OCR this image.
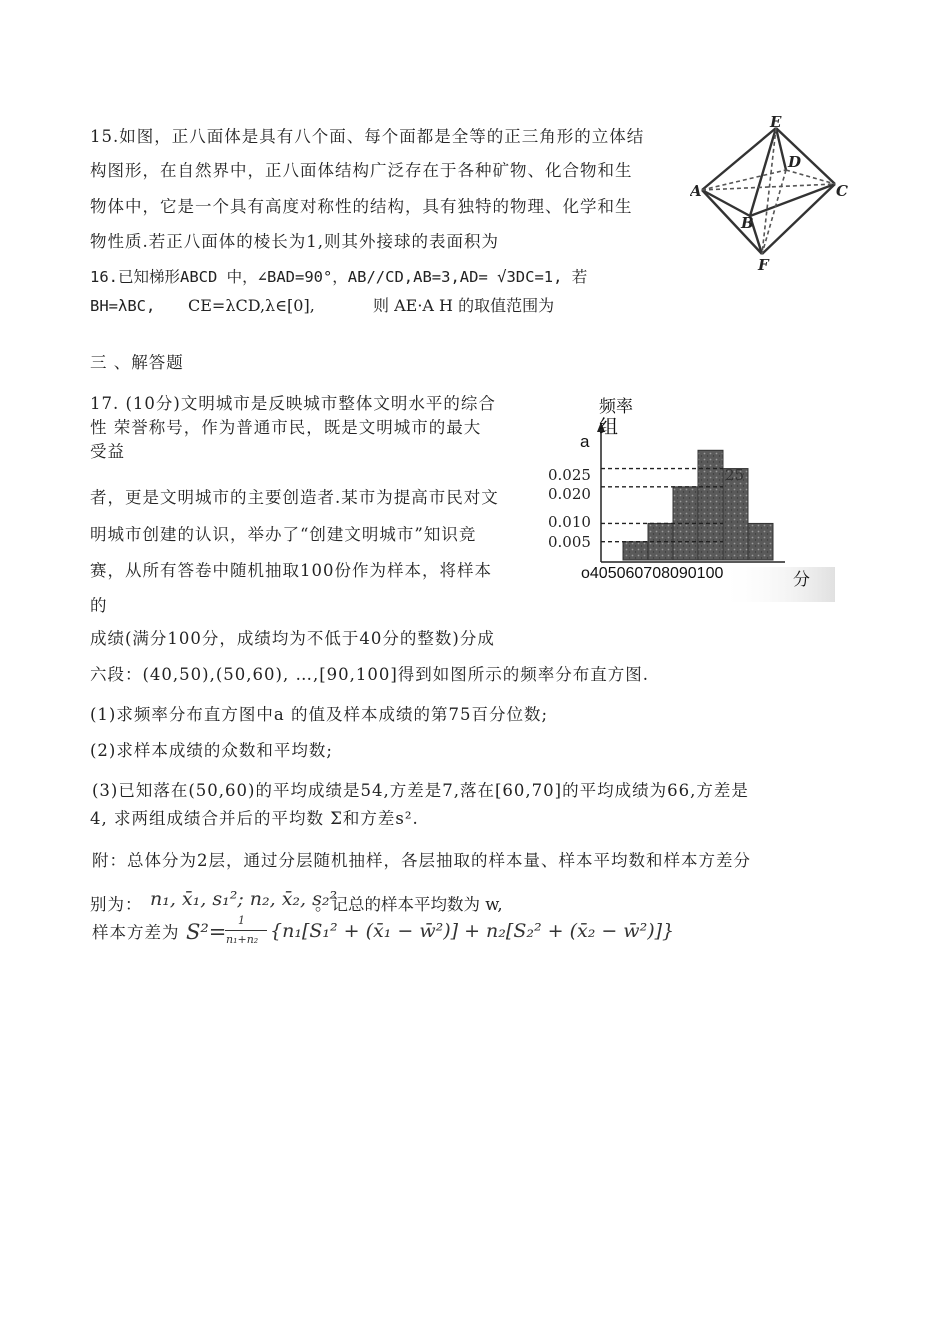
15.如图，正八面体是具有八个面、每个面都是全等的正三角形的立体结
构图形，在自然界中，正八面体结构广泛存在于各种矿物、化合物和生
物体中，它是一个具有高度对称性的结构，具有独特的物理、化学和生
物性质.若正八面体的棱长为1,则其外接球的表面积为
E
D
A	C
B
F
16.已知梯形ABCD 中，∠BAD=90°，AB//CD,AB=3,AD= √3DC=1, 若
BH=λBC, CE=λCD,λ∈[0],	则 AE·A H 的取值范围为
三 、解答题
17. (10分)文明城市是反映城市整体文明水平的综合
性 荣誉称号，作为普通市民，既是文明城市的最大
受益
者，更是文明城市的主要创造者.某市为提高市民对文
明城市创建的认识，举办了“创建文明城市”知识竞
赛，从所有答卷中随机抽取100份作为样本，将样本
的
成绩(满分100分，成绩均为不低于40分的整数)分成
六段：(40,50),(50,60), …,[90,100]得到如图所示的频率分布直方图.
(1)求频率分布直方图中a 的值及样本成绩的第75百分位数;
(2)求样本成绩的众数和平均数;
(3)已知落在(50,60)的平均成绩是54,方差是7,落在[60,70]的平均成绩为66,方差是
4, 求两组成绩合并后的平均数 Σ和方差s².
附：总体分为2层，通过分层随机抽样，各层抽取的样本量、样本平均数和样本方差分
别为： n₁, x̄₁, s₁²; n₂, x̄₂, s₂²
。记总的样本平均数为 w,
样本方差为 S²= 1
n₁+n₂ {n₁[S₁² + (x̄₁ − w̄²)] + n₂[S₂² + (x̄₂ − w̄²)]}
频率
组
a
0.025
0.020
0.010
0.005
25
o405060708090100	分
